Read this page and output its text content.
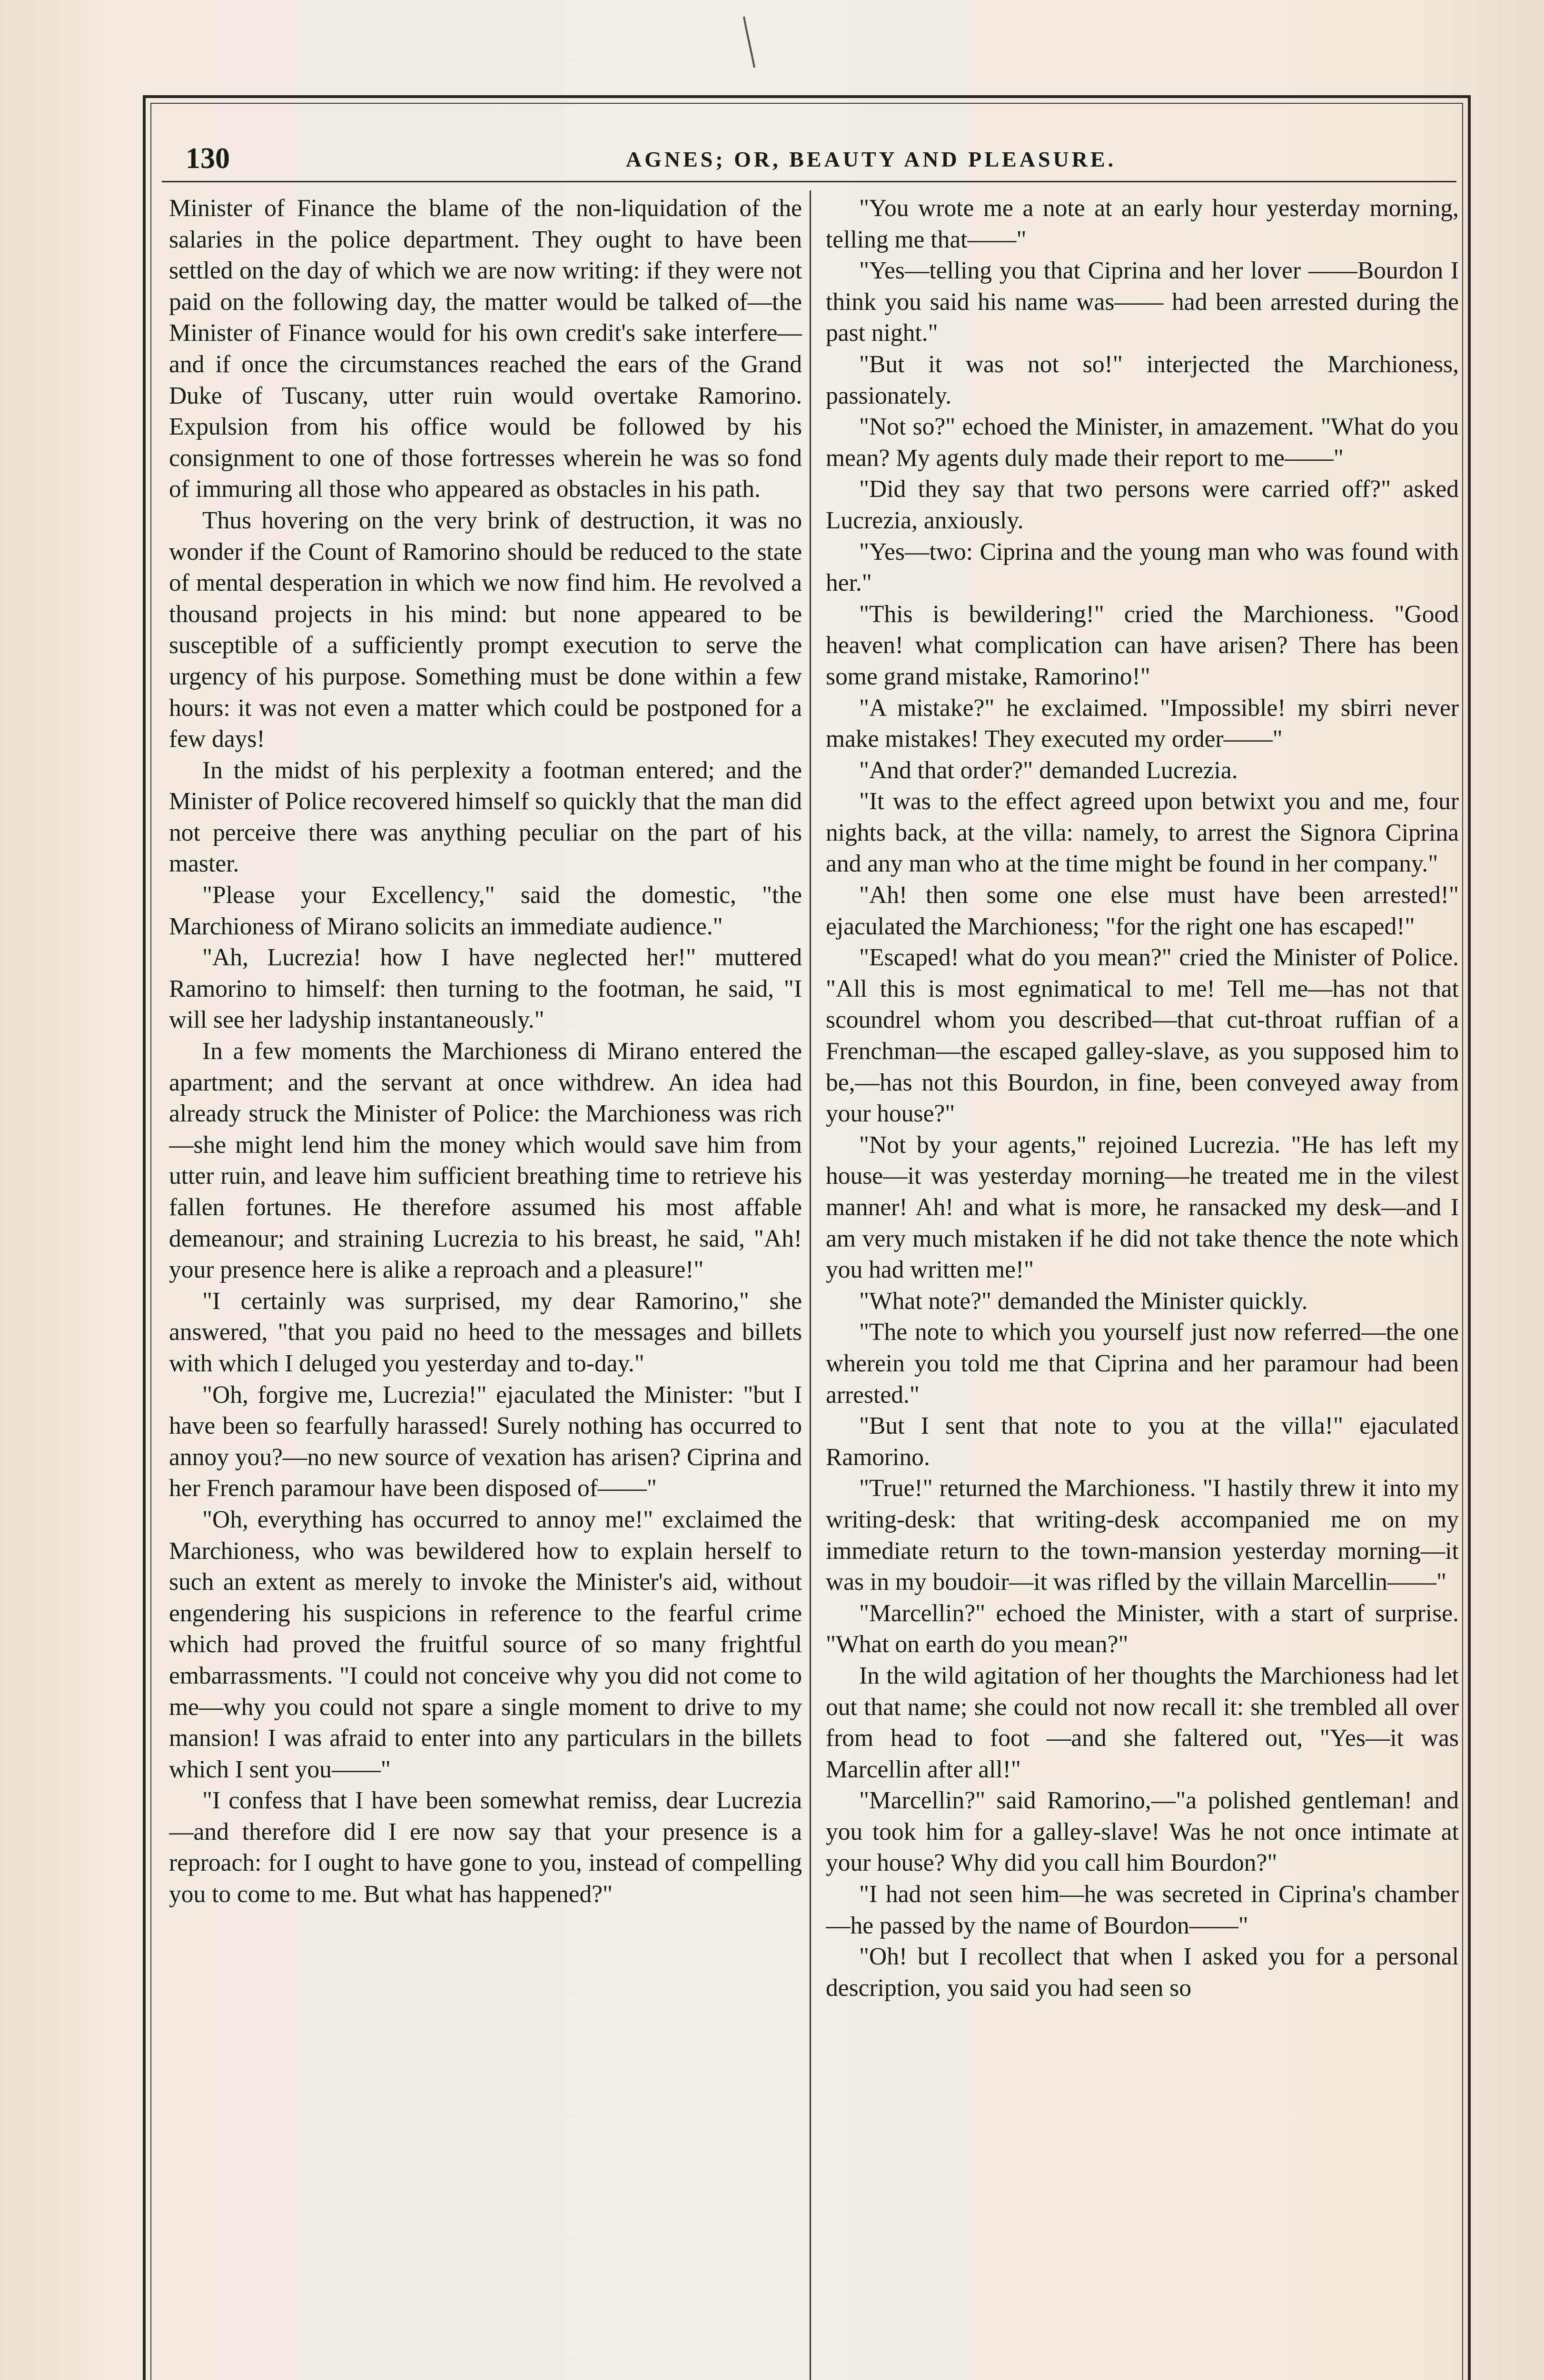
130	AGNES; OR, BEAUTY AND PLEASURE.

Minister of Finance the blame of the non-liquidation of the salaries in the police department. They ought to have been settled on the day of which we are now writing: if they were not paid on the following day, the matter would be talked of—the Minister of Finance would for his own credit's sake interfere—and if once the circumstances reached the ears of the Grand Duke of Tuscany, utter ruin would overtake Ramorino. Expulsion from his office would be followed by his consignment to one of those fortresses wherein he was so fond of immuring all those who appeared as obstacles in his path.

Thus hovering on the very brink of destruction, it was no wonder if the Count of Ramorino should be reduced to the state of mental desperation in which we now find him. He revolved a thousand projects in his mind: but none appeared to be susceptible of a sufficiently prompt execution to serve the urgency of his purpose. Something must be done within a few hours: it was not even a matter which could be postponed for a few days!

In the midst of his perplexity a footman entered; and the Minister of Police recovered himself so quickly that the man did not perceive there was anything peculiar on the part of his master.

"Please your Excellency," said the domestic, "the Marchioness of Mirano solicits an immediate audience."

"Ah, Lucrezia! how I have neglected her!" muttered Ramorino to himself: then turning to the footman, he said, "I will see her ladyship instantaneously."

In a few moments the Marchioness di Mirano entered the apartment; and the servant at once withdrew. An idea had already struck the Minister of Police: the Marchioness was rich—she might lend him the money which would save him from utter ruin, and leave him sufficient breathing time to retrieve his fallen fortunes. He therefore assumed his most affable demeanour; and straining Lucrezia to his breast, he said, "Ah! your presence here is alike a reproach and a pleasure!"

"I certainly was surprised, my dear Ramorino," she answered, "that you paid no heed to the messages and billets with which I deluged you yesterday and to-day."

"Oh, forgive me, Lucrezia!" ejaculated the Minister: "but I have been so fearfully harassed! Surely nothing has occurred to annoy you?—no new source of vexation has arisen? Ciprina and her French paramour have been disposed of——"

"Oh, everything has occurred to annoy me!" exclaimed the Marchioness, who was bewildered how to explain herself to such an extent as merely to invoke the Minister's aid, without engendering his suspicions in reference to the fearful crime which had proved the fruitful source of so many frightful embarrassments. "I could not conceive why you did not come to me—why you could not spare a single moment to drive to my mansion! I was afraid to enter into any particulars in the billets which I sent you——"

"I confess that I have been somewhat remiss, dear Lucrezia—and therefore did I ere now say that your presence is a reproach: for I ought to have gone to you, instead of compelling you to come to me. But what has happened?"

"You wrote me a note at an early hour yesterday morning, telling me that——"

"Yes—telling you that Ciprina and her lover ——Bourdon I think you said his name was—— had been arrested during the past night."

"But it was not so!" interjected the Marchioness, passionately.

"Not so?" echoed the Minister, in amazement. "What do you mean? My agents duly made their report to me——"

"Did they say that two persons were carried off?" asked Lucrezia, anxiously.

"Yes—two: Ciprina and the young man who was found with her."

"This is bewildering!" cried the Marchioness. "Good heaven! what complication can have arisen? There has been some grand mistake, Ramorino!"

"A mistake?" he exclaimed. "Impossible! my sbirri never make mistakes! They executed my order——"

"And that order?" demanded Lucrezia.

"It was to the effect agreed upon betwixt you and me, four nights back, at the villa: namely, to arrest the Signora Ciprina and any man who at the time might be found in her company."

"Ah! then some one else must have been arrested!" ejaculated the Marchioness; "for the right one has escaped!"

"Escaped! what do you mean?" cried the Minister of Police. "All this is most egnimatical to me! Tell me—has not that scoundrel whom you described—that cut-throat ruffian of a Frenchman—the escaped galley-slave, as you supposed him to be,—has not this Bourdon, in fine, been conveyed away from your house?"

"Not by your agents," rejoined Lucrezia. "He has left my house—it was yesterday morning—he treated me in the vilest manner! Ah! and what is more, he ransacked my desk—and I am very much mistaken if he did not take thence the note which you had written me!"

"What note?" demanded the Minister quickly.

"The note to which you yourself just now referred—the one wherein you told me that Ciprina and her paramour had been arrested."

"But I sent that note to you at the villa!" ejaculated Ramorino.

"True!" returned the Marchioness. "I hastily threw it into my writing-desk: that writing-desk accompanied me on my immediate return to the town-mansion yesterday morning—it was in my boudoir—it was rifled by the villain Marcellin——"

"Marcellin?" echoed the Minister, with a start of surprise. "What on earth do you mean?"

In the wild agitation of her thoughts the Marchioness had let out that name; she could not now recall it: she trembled all over from head to foot —and she faltered out, "Yes—it was Marcellin after all!"

"Marcellin?" said Ramorino,—"a polished gentleman! and you took him for a galley-slave! Was he not once intimate at your house? Why did you call him Bourdon?"

"I had not seen him—he was secreted in Ciprina's chamber—he passed by the name of Bourdon——"

"Oh! but I recollect that when I asked you for a personal description, you said you had seen so
